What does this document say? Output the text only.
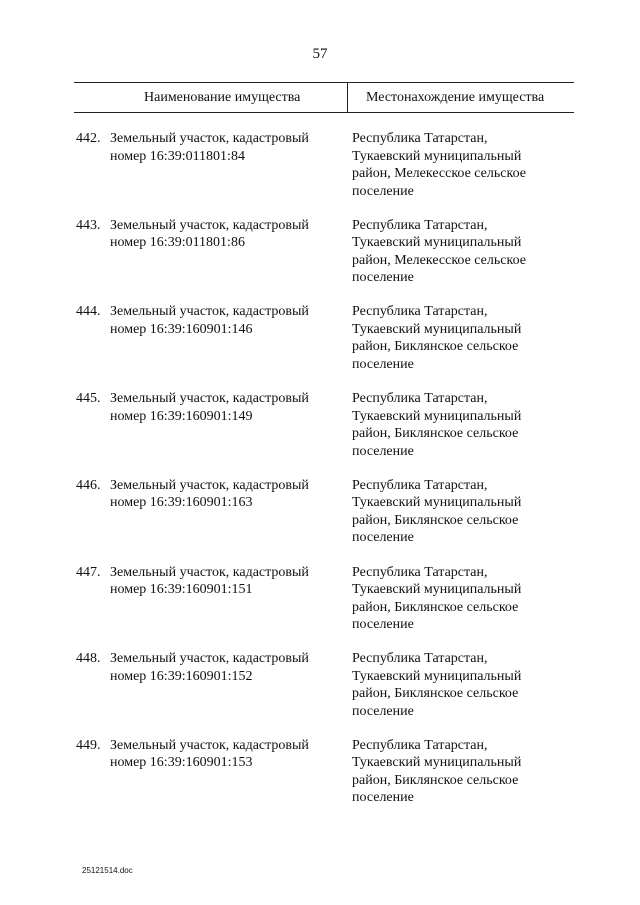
57
Наименование имущества	Местонахождение имущества
442. Земельный участок, кадастровый
номер 16:39:011801:84
Республика Татарстан,
Тукаевский муниципальный
район, Мелекесское сельское
поселение
443. Земельный участок, кадастровый
номер 16:39:011801:86
Республика Татарстан,
Тукаевский муниципальный
район, Мелекесское сельское
поселение
444. Земельный участок, кадастровый
номер 16:39:160901:146
Республика Татарстан,
Тукаевский муниципальный
район, Биклянское сельское
поселение
445. Земельный участок, кадастровый
номер 16:39:160901:149
Республика Татарстан,
Тукаевский муниципальный
район, Биклянское сельское
поселение
446. Земельный участок, кадастровый
номер 16:39:160901:163
Республика Татарстан,
Тукаевский муниципальный
район, Биклянское сельское
поселение
447. Земельный участок, кадастровый
номер 16:39:160901:151
Республика Татарстан,
Тукаевский муниципальный
район, Биклянское сельское
поселение
448. Земельный участок, кадастровый
номер 16:39:160901:152
Республика Татарстан,
Тукаевский муниципальный
район, Биклянское сельское
поселение
449. Земельный участок, кадастровый
номер 16:39:160901:153
Республика Татарстан,
Тукаевский муниципальный
район, Биклянское сельское
поселение
25121514.doc
